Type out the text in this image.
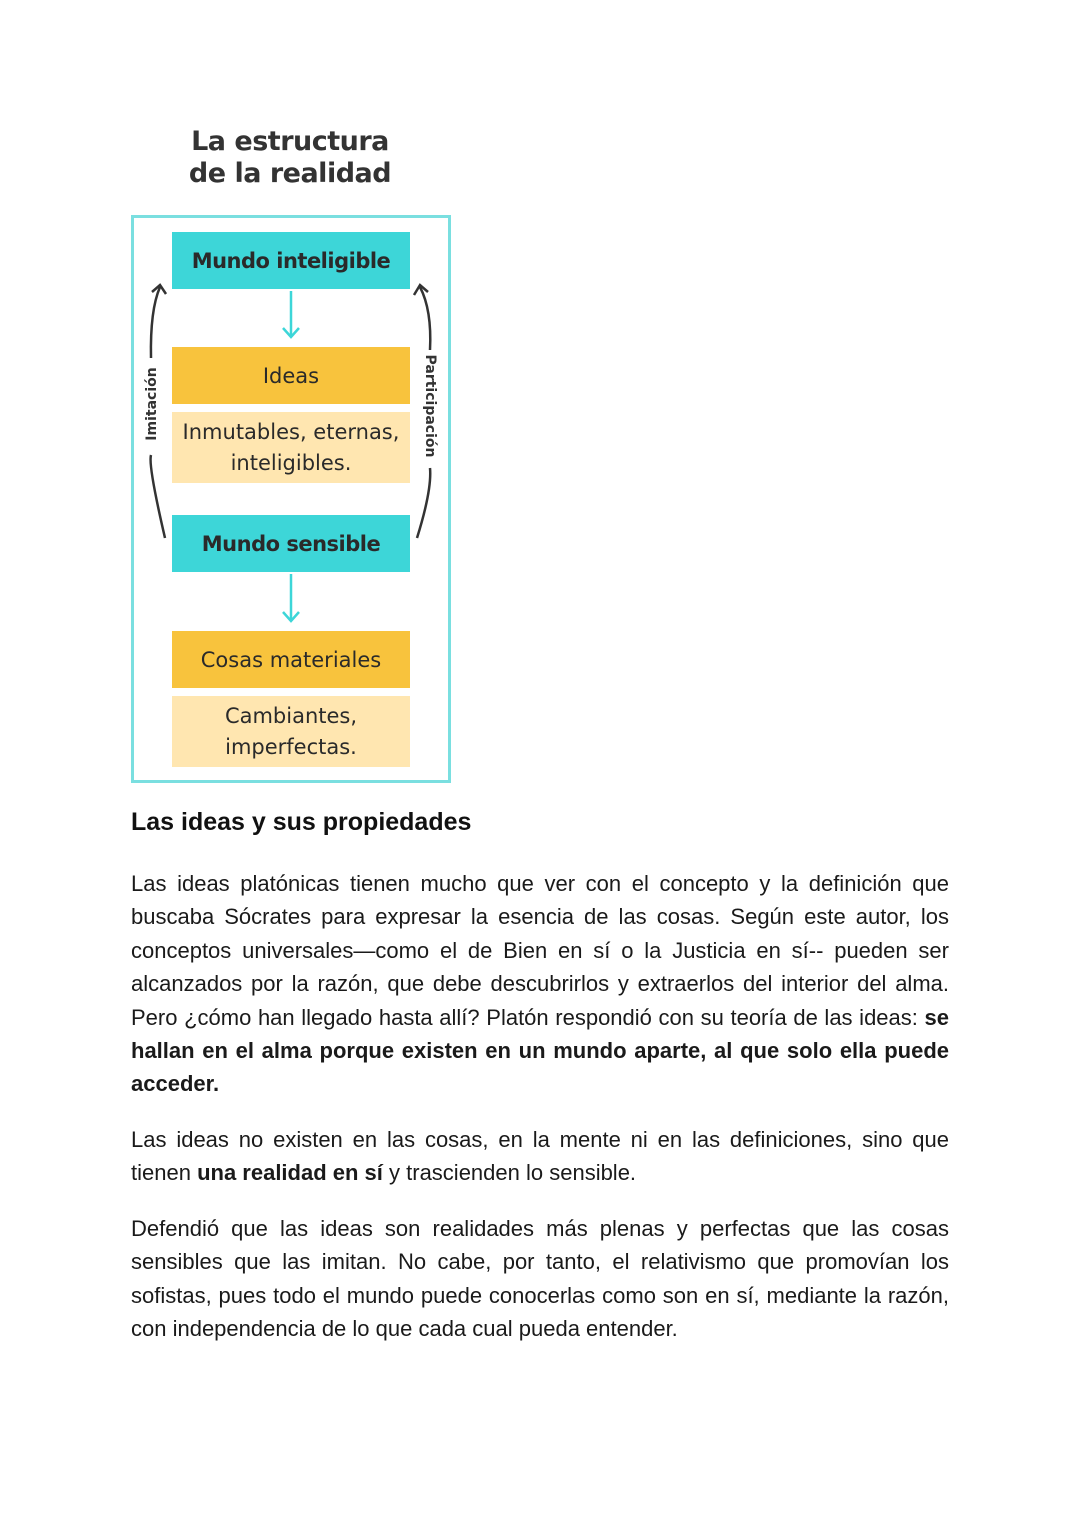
La estructura
de la realidad
Imitación	Participación
Mundo inteligible
Ideas
Inmutables, eternas,
inteligibles.
Mundo sensible
Cosas materiales
Cambiantes,
imperfectas.
Las ideas y sus propiedades

Las ideas platónicas tienen mucho que ver con el concepto y la definición que buscaba Sócrates para expresar la esencia de las cosas. Según este autor, los conceptos universales—como el de Bien en sí o la Justicia en sí-- pueden ser alcanzados por la razón, que debe descubrirlos y extraerlos del interior del alma. Pero ¿cómo han llegado hasta allí? Platón respondió con su teoría de las ideas: se hallan en el alma porque existen en un mundo aparte, al que solo ella puede acceder.

Las ideas no existen en las cosas, en la mente ni en las definiciones, sino que tienen una realidad en sí y trascienden lo sensible.

Defendió que las ideas son realidades más plenas y perfectas que las cosas sensibles que las imitan. No cabe, por tanto, el relativismo que promovían los sofistas, pues todo el mundo puede conocerlas como son en sí, mediante la razón, con independencia de lo que cada cual pueda entender.
